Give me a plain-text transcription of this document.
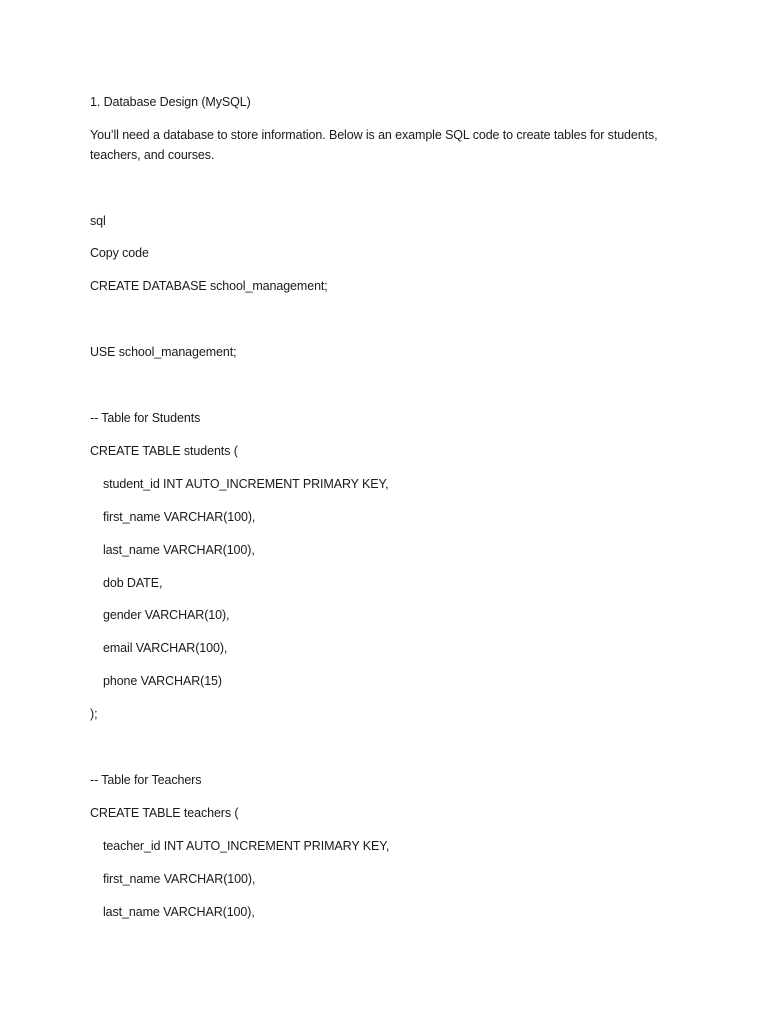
1. Database Design (MySQL)
You’ll need a database to store information. Below is an example SQL code to create tables for students, teachers, and courses.
sql
Copy code
CREATE DATABASE school_management;
USE school_management;
-- Table for Students
CREATE TABLE students (
student_id INT AUTO_INCREMENT PRIMARY KEY,
first_name VARCHAR(100),
last_name VARCHAR(100),
dob DATE,
gender VARCHAR(10),
email VARCHAR(100),
phone VARCHAR(15)
);
-- Table for Teachers
CREATE TABLE teachers (
teacher_id INT AUTO_INCREMENT PRIMARY KEY,
first_name VARCHAR(100),
last_name VARCHAR(100),
